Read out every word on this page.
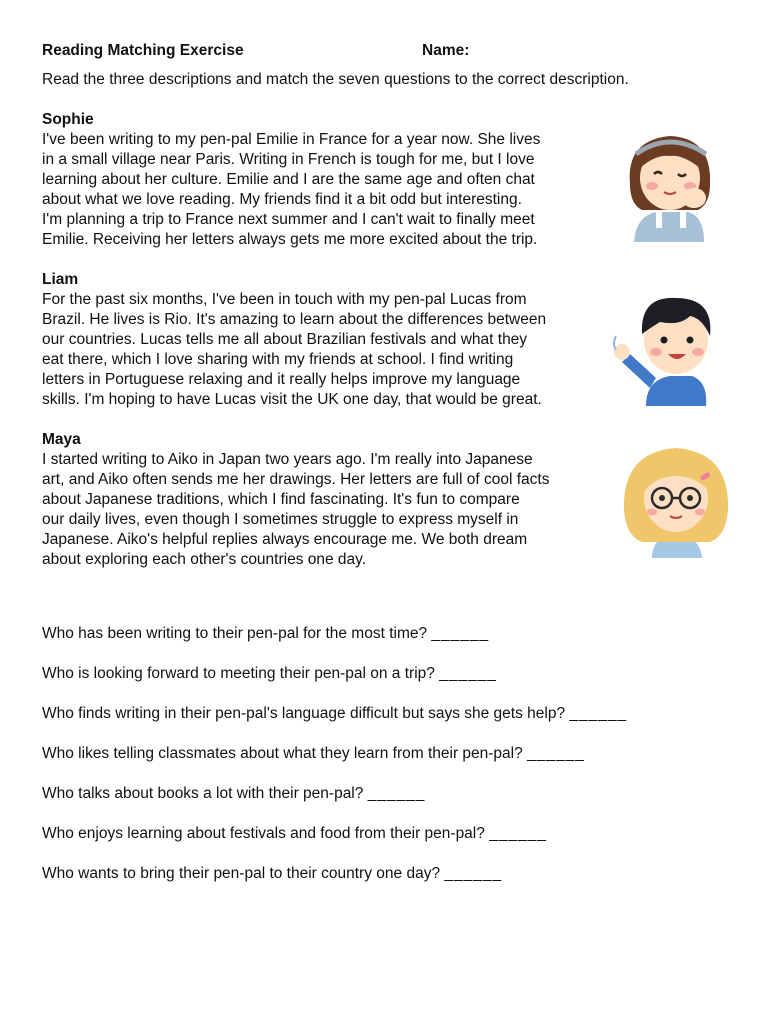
Reading Matching Exercise	Name:
Read the three descriptions and match the seven questions to the correct description.
Sophie
I've been writing to my pen-pal Emilie in France for a year now. She lives
in a small village near Paris. Writing in French is tough for me, but I love
learning about her culture. Emilie and I are the same age and often chat
about what we love reading. My friends find it a bit odd but interesting.
I'm planning a trip to France next summer and I can't wait to finally meet
Emilie. Receiving her letters always gets me more excited about the trip.
Liam
For the past six months, I've been in touch with my pen-pal Lucas from
Brazil. He lives is Rio. It's amazing to learn about the differences between
our countries. Lucas tells me all about Brazilian festivals and what they
eat there, which I love sharing with my friends at school. I find writing
letters in Portuguese relaxing and it really helps improve my language
skills. I'm hoping to have Lucas visit the UK one day, that would be great.
Maya
I started writing to Aiko in Japan two years ago. I'm really into Japanese
art, and Aiko often sends me her drawings. Her letters are full of cool facts
about Japanese traditions, which I find fascinating. It's fun to compare
our daily lives, even though I sometimes struggle to express myself in
Japanese. Aiko's helpful replies always encourage me. We both dream
about exploring each other's countries one day.
Who has been writing to their pen-pal for the most time? ______
Who is looking forward to meeting their pen-pal on a trip? ______
Who finds writing in their pen-pal's language difficult but says she gets help? ______
Who likes telling classmates about what they learn from their pen-pal? ______
Who talks about books a lot with their pen-pal? ______
Who enjoys learning about festivals and food from their pen-pal? ______
Who wants to bring their pen-pal to their country one day? ______
